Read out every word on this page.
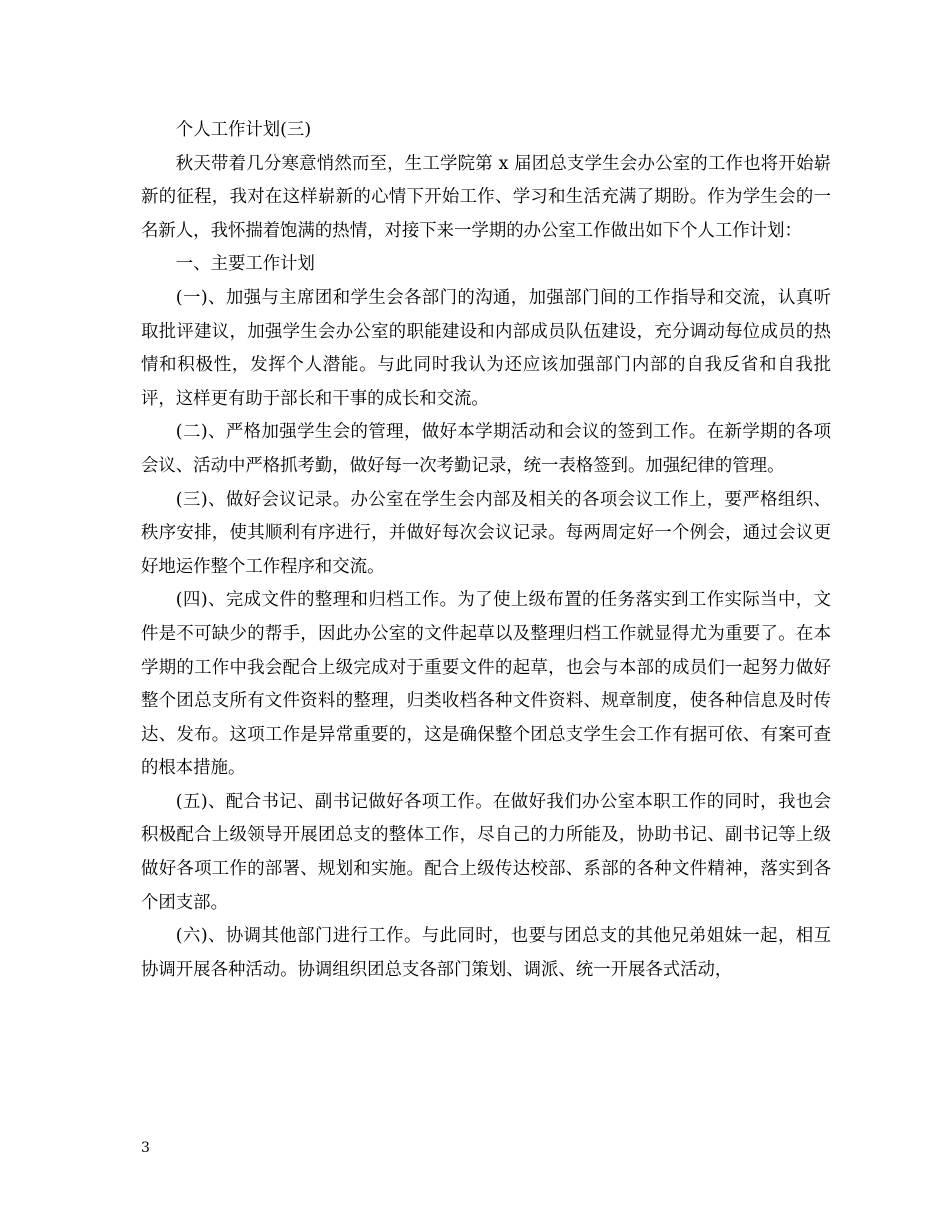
个人工作计划(三)

秋天带着几分寒意悄然而至，生工学院第 x 届团总支学生会办公室的工作也将开始崭新的征程，我对在这样崭新的心情下开始工作、学习和生活充满了期盼。作为学生会的一名新人，我怀揣着饱满的热情，对接下来一学期的办公室工作做出如下个人工作计划：

一、主要工作计划

(一)、加强与主席团和学生会各部门的沟通，加强部门间的工作指导和交流，认真听取批评建议，加强学生会办公室的职能建设和内部成员队伍建设，充分调动每位成员的热情和积极性，发挥个人潜能。与此同时我认为还应该加强部门内部的自我反省和自我批评，这样更有助于部长和干事的成长和交流。

(二)、严格加强学生会的管理，做好本学期活动和会议的签到工作。在新学期的各项会议、活动中严格抓考勤，做好每一次考勤记录，统一表格签到。加强纪律的管理。

(三)、做好会议记录。办公室在学生会内部及相关的各项会议工作上，要严格组织、秩序安排，使其顺利有序进行，并做好每次会议记录。每两周定好一个例会，通过会议更好地运作整个工作程序和交流。

(四)、完成文件的整理和归档工作。为了使上级布置的任务落实到工作实际当中，文件是不可缺少的帮手，因此办公室的文件起草以及整理归档工作就显得尤为重要了。在本学期的工作中我会配合上级完成对于重要文件的起草，也会与本部的成员们一起努力做好整个团总支所有文件资料的整理，归类收档各种文件资料、规章制度，使各种信息及时传达、发布。这项工作是异常重要的，这是确保整个团总支学生会工作有据可依、有案可查的根本措施。

(五)、配合书记、副书记做好各项工作。在做好我们办公室本职工作的同时，我也会积极配合上级领导开展团总支的整体工作，尽自己的力所能及，协助书记、副书记等上级做好各项工作的部署、规划和实施。配合上级传达校部、系部的各种文件精神，落实到各个团支部。

(六)、协调其他部门进行工作。与此同时，也要与团总支的其他兄弟姐妹一起，相互协调开展各种活动。协调组织团总支各部门策划、调派、统一开展各式活动，

3
